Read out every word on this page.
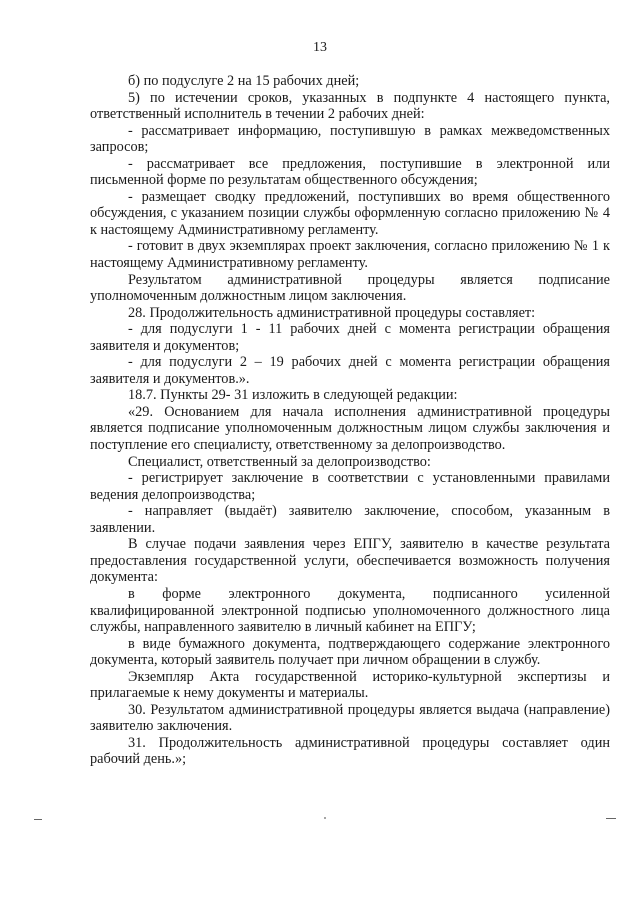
13

б) по подуслуге 2 на 15 рабочих дней;

5) по истечении сроков, указанных в подпункте 4 настоящего пункта, ответственный исполнитель в течении 2 рабочих дней:

- рассматривает информацию, поступившую в рамках межведомственных запросов;

- рассматривает все предложения, поступившие в электронной или письменной форме по результатам общественного обсуждения;

- размещает сводку предложений, поступивших во время общественного обсуждения, с указанием позиции службы оформленную согласно приложению № 4 к настоящему Административному регламенту.

- готовит в двух экземплярах проект заключения, согласно приложению № 1 к настоящему Административному регламенту.

Результатом административной процедуры является подписание уполномоченным должностным лицом заключения.

28. Продолжительность административной процедуры составляет:

- для подуслуги 1 - 11 рабочих дней с момента регистрации обращения заявителя и документов;

- для подуслуги 2 – 19 рабочих дней с момента регистрации обращения заявителя и документов.».

18.7. Пункты 29- 31 изложить в следующей редакции:

«29. Основанием для начала исполнения административной процедуры является подписание уполномоченным должностным лицом службы заключения и поступление его специалисту, ответственному за делопроизводство.

Специалист, ответственный за делопроизводство:

- регистрирует заключение в соответствии с установленными правилами ведения делопроизводства;

- направляет (выдаёт) заявителю заключение, способом, указанным в заявлении.

В случае подачи заявления через ЕПГУ, заявителю в качестве результата предоставления государственной услуги, обеспечивается возможность получения документа:

в форме электронного документа, подписанного усиленной квалифицированной электронной подписью уполномоченного должностного лица службы, направленного заявителю в личный кабинет на ЕПГУ;

в виде бумажного документа, подтверждающего содержание электронного документа, который заявитель получает при личном обращении в службу.

Экземпляр Акта государственной историко-культурной экспертизы и прилагаемые к нему документы и материалы.

30. Результатом административной процедуры является выдача (направление) заявителю заключения.

31. Продолжительность административной процедуры составляет один рабочий день.»;
